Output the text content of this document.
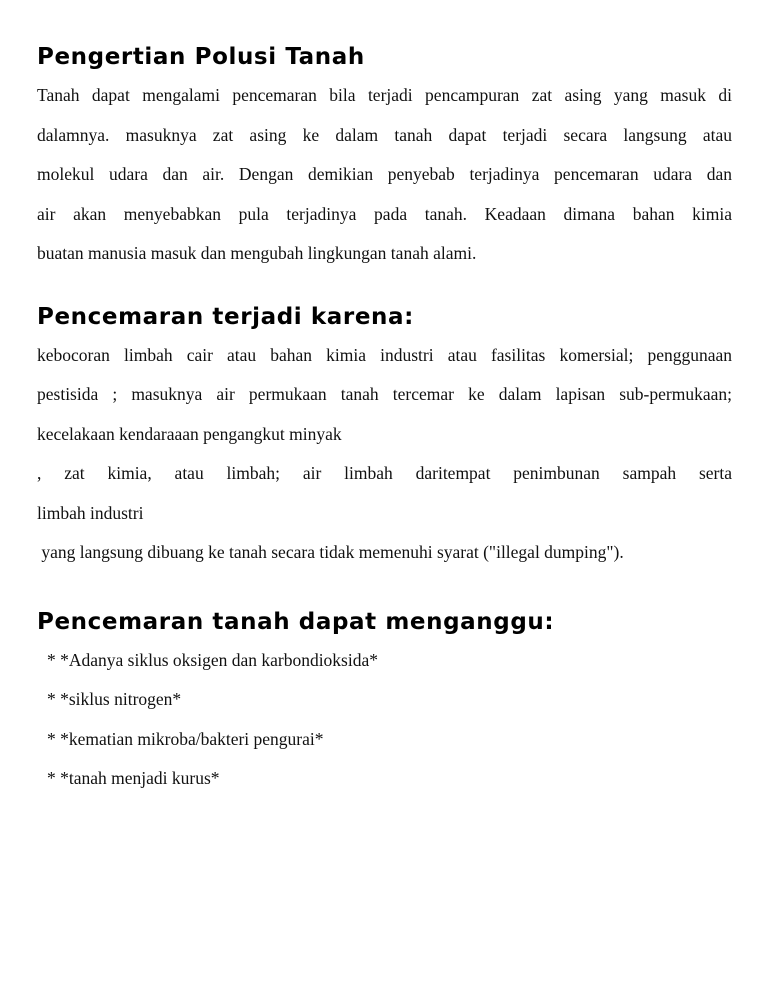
Pengertian Polusi Tanah
Tanah dapat mengalami pencemaran bila terjadi pencampuran zat asing yang masuk di
dalamnya. masuknya zat asing ke dalam tanah dapat terjadi secara langsung atau
molekul udara dan air. Dengan demikian penyebab terjadinya pencemaran udara dan
air akan menyebabkan pula terjadinya pada tanah. Keadaan dimana bahan kimia
buatan manusia masuk dan mengubah lingkungan tanah alami.
Pencemaran terjadi karena:
kebocoran limbah cair atau bahan kimia industri atau fasilitas komersial; penggunaan
pestisida ; masuknya air permukaan tanah tercemar ke dalam lapisan sub-permukaan;
kecelakaan kendaraaan pengangkut minyak
, zat kimia, atau limbah; air limbah daritempat penimbunan sampah serta
limbah industri
yang langsung dibuang ke tanah secara tidak memenuhi syarat ("illegal dumping").
Pencemaran tanah dapat menganggu:
* *Adanya siklus oksigen dan karbondioksida*
* *siklus nitrogen*
* *kematian mikroba/bakteri pengurai*
* *tanah menjadi kurus*
